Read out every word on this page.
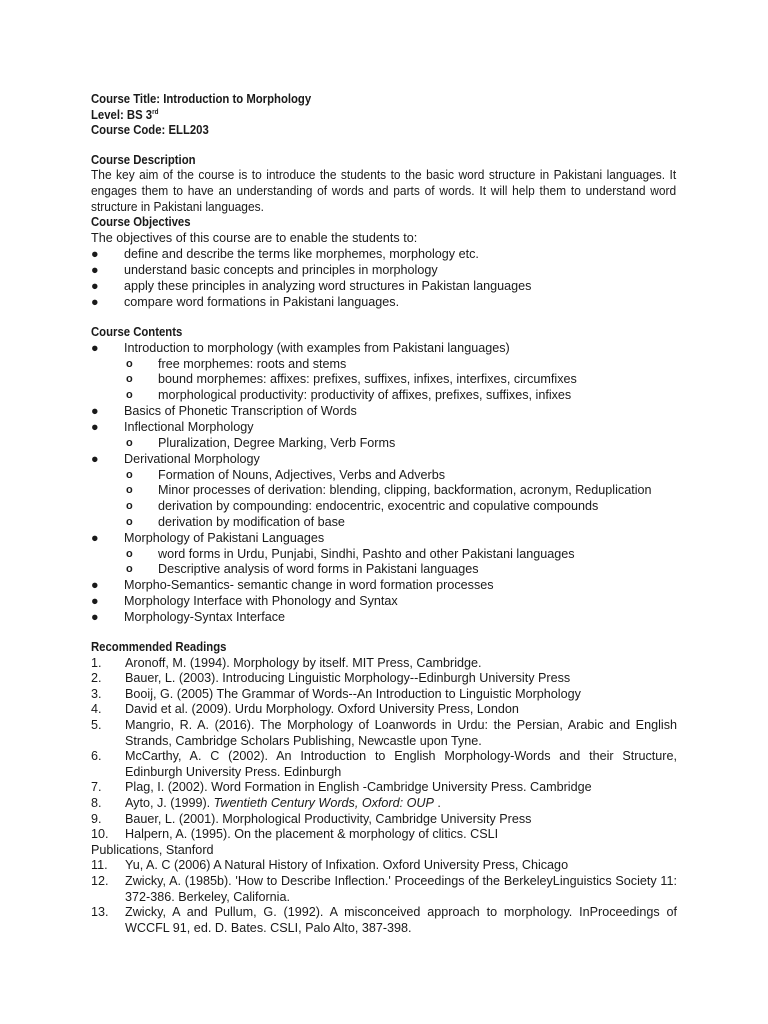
Course Title: Introduction to Morphology
Level: BS 3rd
Course Code: ELL203
Course Description
The key aim of the course is to introduce the students to the basic word structure in Pakistani languages. It engages them to have an understanding of words and parts of words. It will help them to understand word structure in Pakistani languages.
Course Objectives
The objectives of this course are to enable the students to:
● define and describe the terms like morphemes, morphology etc.
● understand basic concepts and principles in morphology
● apply these principles in analyzing word structures in Pakistan languages
● compare word formations in Pakistani languages.
Course Contents
● Introduction to morphology (with examples from Pakistani languages)
o free morphemes: roots and stems
o bound morphemes: affixes: prefixes, suffixes, infixes, interfixes, circumfixes
o morphological productivity: productivity of affixes, prefixes, suffixes, infixes
● Basics of Phonetic Transcription of Words
● Inflectional Morphology
o Pluralization, Degree Marking, Verb Forms
● Derivational Morphology
o Formation of Nouns, Adjectives, Verbs and Adverbs
o Minor processes of derivation: blending, clipping, backformation, acronym, Reduplication
o derivation by compounding: endocentric, exocentric and copulative compounds
o derivation by modification of base
● Morphology of Pakistani Languages
o word forms in Urdu, Punjabi, Sindhi, Pashto and other Pakistani languages
o Descriptive analysis of word forms in Pakistani languages
● Morpho-Semantics- semantic change in word formation processes
● Morphology Interface with Phonology and Syntax
● Morphology-Syntax Interface
Recommended Readings
1. Aronoff, M. (1994). Morphology by itself. MIT Press, Cambridge.
2. Bauer, L. (2003). Introducing Linguistic Morphology--Edinburgh University Press
3. Booij, G. (2005) The Grammar of Words--An Introduction to Linguistic Morphology
4. David et al. (2009). Urdu Morphology. Oxford University Press, London
5. Mangrio, R. A. (2016). The Morphology of Loanwords in Urdu: the Persian, Arabic and English Strands, Cambridge Scholars Publishing, Newcastle upon Tyne.
6. McCarthy, A. C (2002). An Introduction to English Morphology-Words and their Structure, Edinburgh University Press. Edinburgh
7. Plag, I. (2002). Word Formation in English -Cambridge University Press. Cambridge
8. Ayto, J. (1999). Twentieth Century Words, Oxford: OUP .
9. Bauer, L. (2001). Morphological Productivity, Cambridge University Press
10. Halpern, A. (1995). On the placement & morphology of clitics. CSLI
Publications, Stanford
11. Yu, A. C (2006) A Natural History of Infixation. Oxford University Press, Chicago
12. Zwicky, A. (1985b). 'How to Describe Inflection.' Proceedings of the BerkeleyLinguistics Society 11: 372-386. Berkeley, California.
13. Zwicky, A and Pullum, G. (1992). A misconceived approach to morphology. InProceedings of WCCFL 91, ed. D. Bates. CSLI, Palo Alto, 387-398.
